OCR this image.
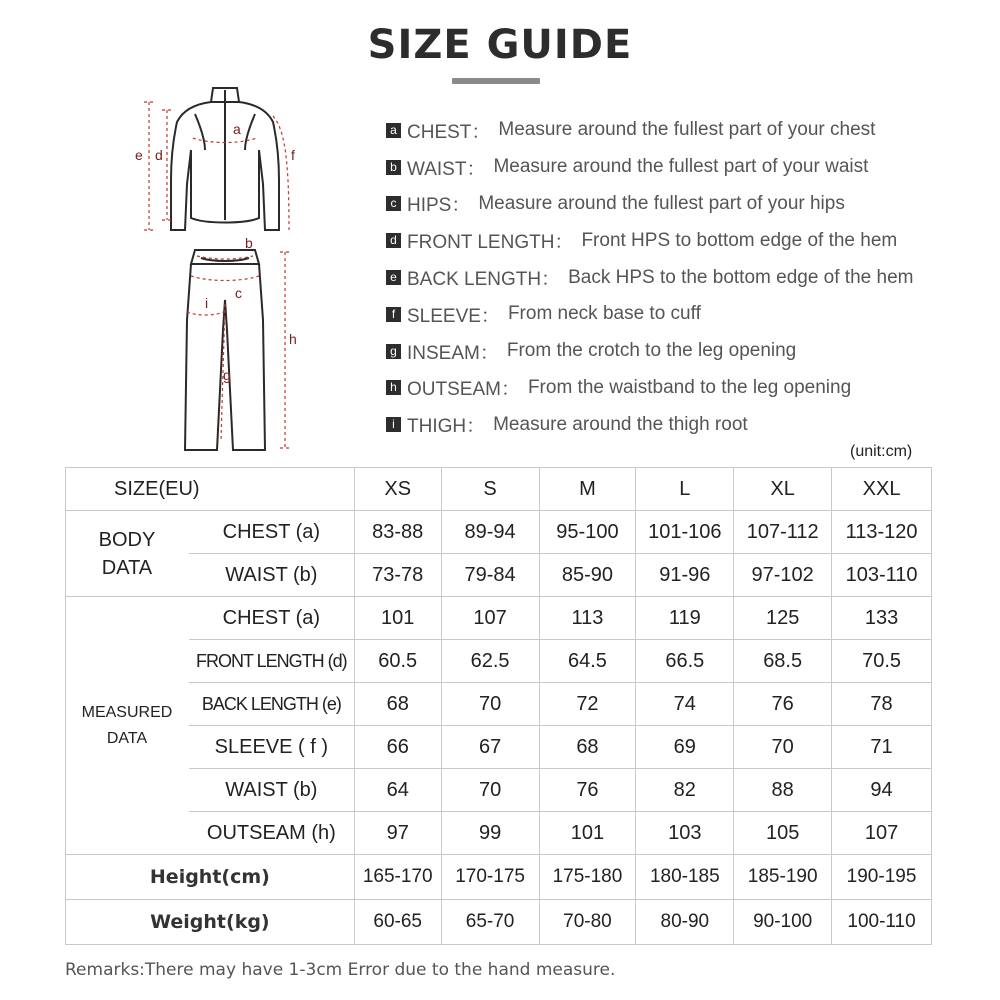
SIZE GUIDE
a
b
c
d
e	f
g
h
i
a CHEST： Measure around the fullest part of your chest
b WAIST： Measure around the fullest part of your waist
c HIPS： Measure around the fullest part of your hips
d FRONT LENGTH： Front HPS to bottom edge of the hem
e BACK LENGTH： Back HPS to the bottom edge of the hem
f SLEEVE： From neck base to cuff
g INSEAM： From the crotch to the leg opening
h OUTSEAM： From the waistband to the leg opening
i THIGH： Measure around the thigh root
(unit:cm)
SIZE(EU)		XS	S	M	L	XL	XXL
BODY
DATA	CHEST (a)	83-88	89-94	95-100	101-106	107-112	113-120
	WAIST (b)	73-78	79-84	85-90	91-96	97-102	103-110
MEASURED
DATA	CHEST (a)	101	107	113	119	125	133
	FRONT LENGTH (d)	60.5	62.5	64.5	66.5	68.5	70.5
	BACK LENGTH (e)	68	70	72	74	76	78
	SLEEVE ( f )	66	67	68	69	70	71
	WAIST (b)	64	70	76	82	88	94
	OUTSEAM (h)	97	99	101	103	105	107
Height(cm)		165-170	170-175	175-180	180-185	185-190	190-195
Weight(kg)		60-65	65-70	70-80	80-90	90-100	100-110
Remarks:There may have 1-3cm Error due to the hand measure.
